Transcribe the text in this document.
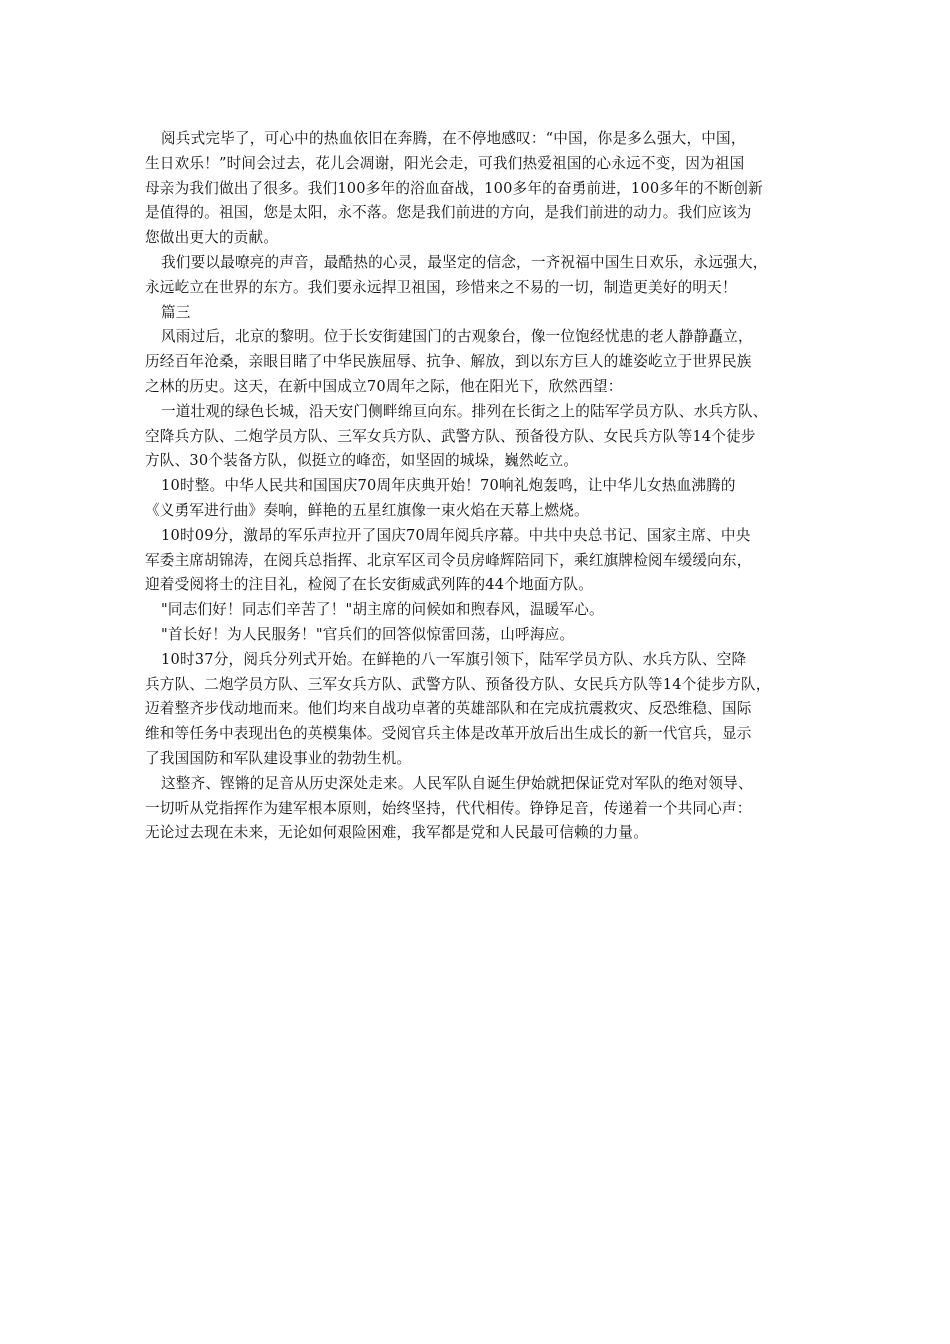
阅兵式完毕了，可心中的热血依旧在奔腾，在不停地感叹：“中国，你是多么强大，中国，
生日欢乐！”时间会过去，花儿会凋谢，阳光会走，可我们热爱祖国的心永远不变，因为祖国
母亲为我们做出了很多。我们100多年的浴血奋战，100多年的奋勇前进，100多年的不断创新
是值得的。祖国，您是太阳，永不落。您是我们前进的方向，是我们前进的动力。我们应该为
您做出更大的贡献。
我们要以最嘹亮的声音，最酷热的心灵，最坚定的信念，一齐祝福中国生日欢乐，永远强大，
永远屹立在世界的东方。我们要永远捍卫祖国，珍惜来之不易的一切，制造更美好的明天！
篇三
风雨过后，北京的黎明。位于长安街建国门的古观象台，像一位饱经忧患的老人静静矗立，
历经百年沧桑，亲眼目睹了中华民族屈辱、抗争、解放，到以东方巨人的雄姿屹立于世界民族
之林的历史。这天，在新中国成立70周年之际，他在阳光下，欣然西望：
一道壮观的绿色长城，沿天安门侧畔绵亘向东。排列在长街之上的陆军学员方队、水兵方队、
空降兵方队、二炮学员方队、三军女兵方队、武警方队、预备役方队、女民兵方队等14个徒步
方队、30个装备方队，似挺立的峰峦，如坚固的城垛，巍然屹立。
10时整。中华人民共和国国庆70周年庆典开始！70响礼炮轰鸣，让中华儿女热血沸腾的
《义勇军进行曲》奏响，鲜艳的五星红旗像一束火焰在天幕上燃烧。
10时09分，激昂的军乐声拉开了国庆70周年阅兵序幕。中共中央总书记、国家主席、中央
军委主席胡锦涛，在阅兵总指挥、北京军区司令员房峰辉陪同下，乘红旗牌检阅车缓缓向东，
迎着受阅将士的注目礼，检阅了在长安街威武列阵的44个地面方队。
"同志们好！同志们辛苦了！"胡主席的问候如和煦春风，温暖军心。
"首长好！为人民服务！"官兵们的回答似惊雷回荡，山呼海应。
10时37分，阅兵分列式开始。在鲜艳的八一军旗引领下，陆军学员方队、水兵方队、空降
兵方队、二炮学员方队、三军女兵方队、武警方队、预备役方队、女民兵方队等14个徒步方队，
迈着整齐步伐动地而来。他们均来自战功卓著的英雄部队和在完成抗震救灾、反恐维稳、国际
维和等任务中表现出色的英模集体。受阅官兵主体是改革开放后出生成长的新一代官兵，显示
了我国国防和军队建设事业的勃勃生机。
这整齐、铿锵的足音从历史深处走来。人民军队自诞生伊始就把保证党对军队的绝对领导、
一切听从党指挥作为建军根本原则，始终坚持，代代相传。铮铮足音，传递着一个共同心声：
无论过去现在未来，无论如何艰险困难，我军都是党和人民最可信赖的力量。
